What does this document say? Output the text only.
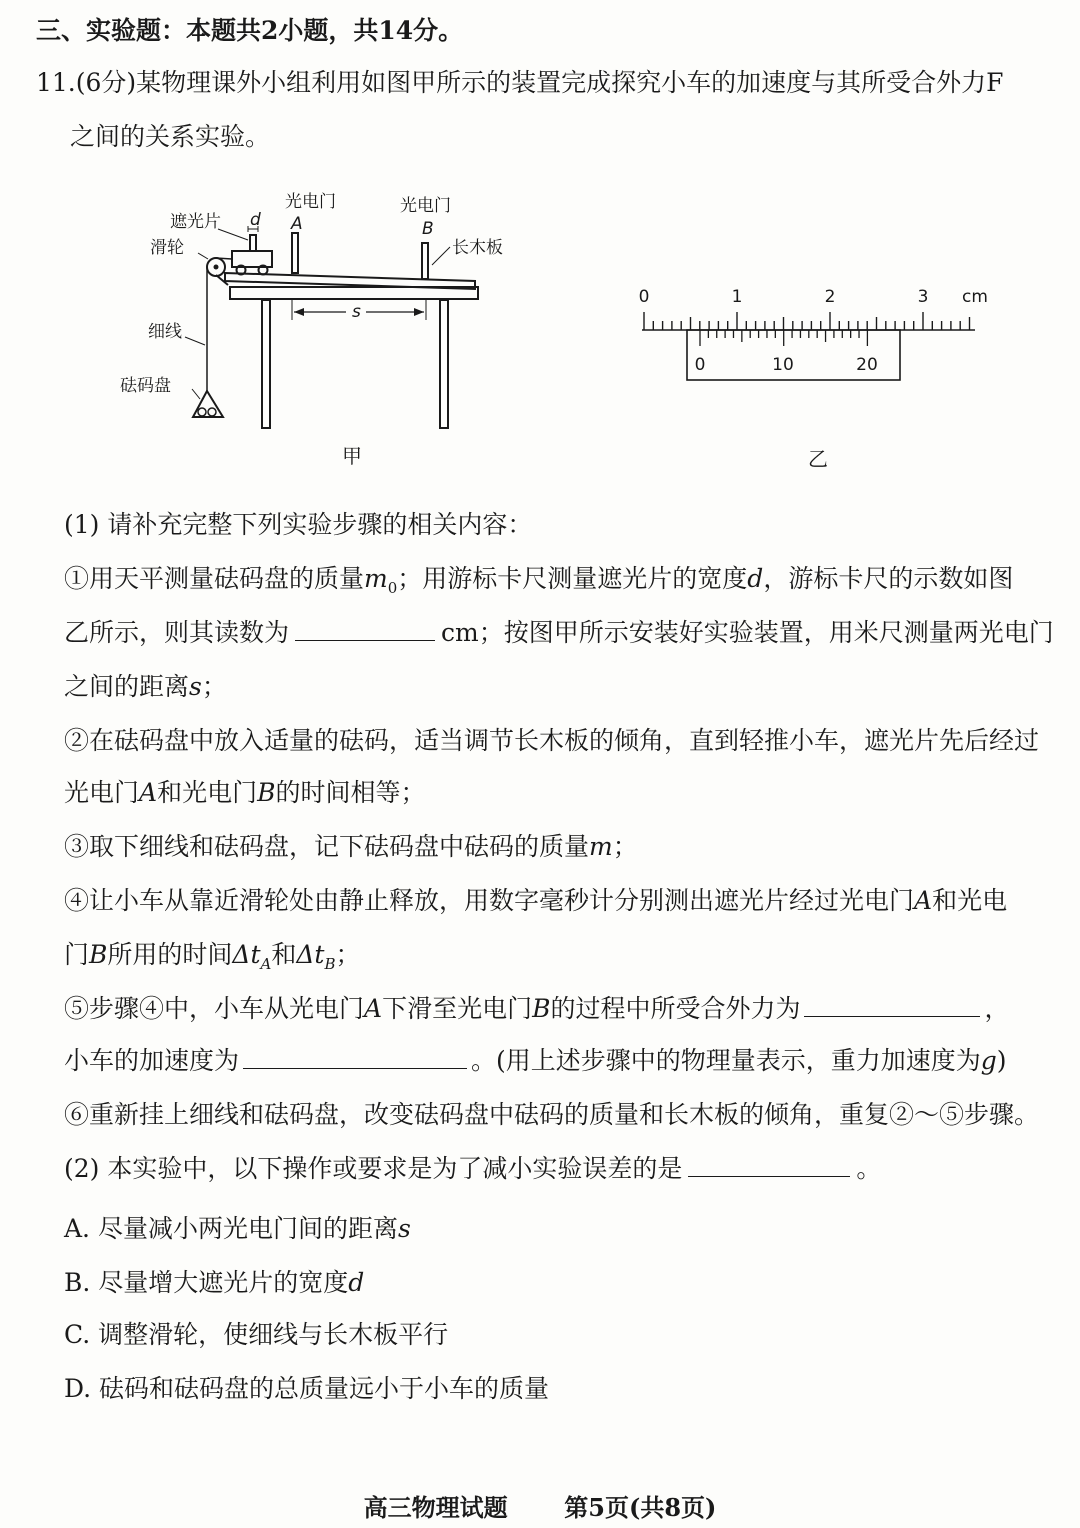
三、实验题：本题共2小题，共14分。
11.(6分)某物理课外小组利用如图甲所示的装置完成探究小车的加速度与其所受合外力F
之间的关系实验。
遮光片 d
滑轮
光电门
A
光电门
B
长木板
s
细线
砝码盘
甲
0	1	2	3 cm
0	10	20
乙
(1) 请补充完整下列实验步骤的相关内容：
①用天平测量砝码盘的质量$m_0$；用游标卡尺测量遮光片的宽度d，游标卡尺的示数如图
乙所示，则其读数为	cm；按图甲所示安装好实验装置，用米尺测量两光电门
之间的距离s；
②在砝码盘中放入适量的砝码，适当调节长木板的倾角，直到轻推小车，遮光片先后经过
光电门A和光电门B的时间相等；
③取下细线和砝码盘，记下砝码盘中砝码的质量m；
④让小车从靠近滑轮处由静止释放，用数字毫秒计分别测出遮光片经过光电门A和光电
门B所用的时间$\Delta t_A$和$\Delta t_B$；
⑤步骤④中，小车从光电门A下滑至光电门B的过程中所受合外力为	，
小车的加速度为	。(用上述步骤中的物理量表示，重力加速度为g)
⑥重新挂上细线和砝码盘，改变砝码盘中砝码的质量和长木板的倾角，重复②～⑤步骤。
(2) 本实验中，以下操作或要求是为了减小实验误差的是	。
A. 尽量减小两光电门间的距离s
B. 尽量增大遮光片的宽度d
C. 调整滑轮，使细线与长木板平行
D. 砝码和砝码盘的总质量远小于小车的质量
高三物理试题 第5页(共8页)
